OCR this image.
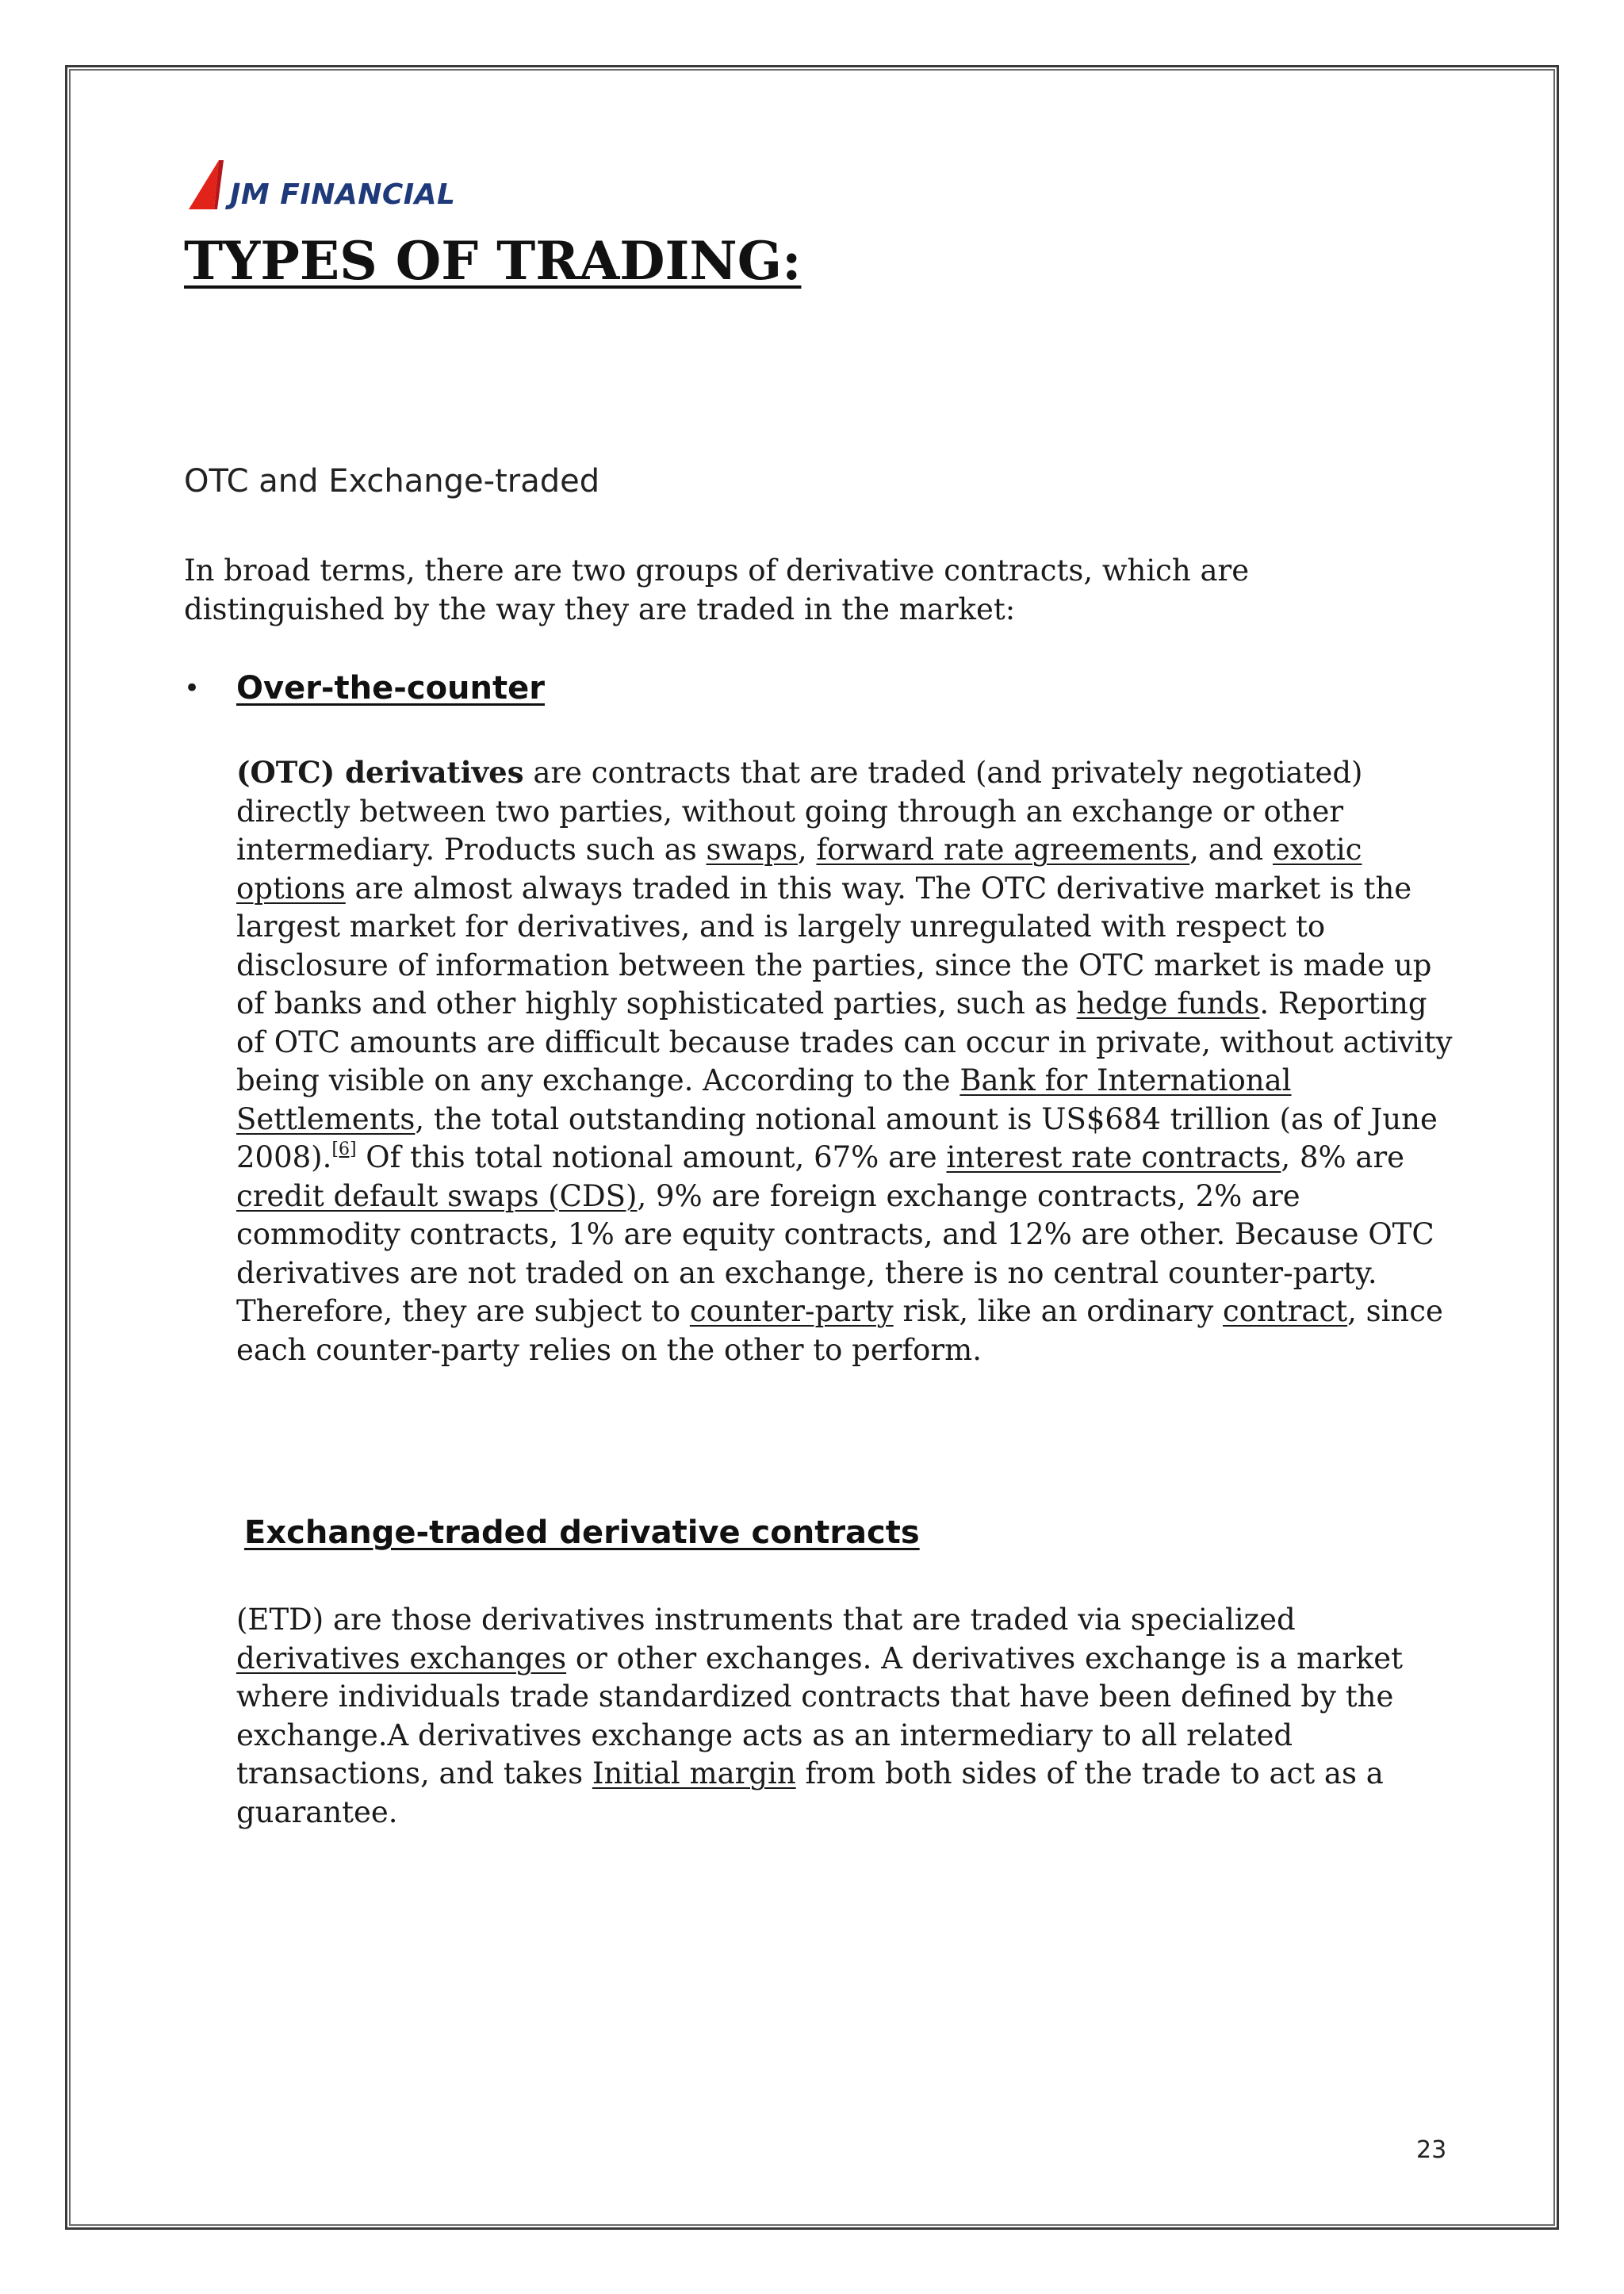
JM FINANCIAL
TYPES OF TRADING:
OTC and Exchange-traded

In broad terms, there are two groups of derivative contracts, which are distinguished by the way they are traded in the market:

•	Over-the-counter

(OTC) derivatives are contracts that are traded (and privately negotiated) directly between two parties, without going through an exchange or other intermediary. Products such as swaps, forward rate agreements, and exotic options are almost always traded in this way. The OTC derivative market is the largest market for derivatives, and is largely unregulated with respect to disclosure of information between the parties, since the OTC market is made up of banks and other highly sophisticated parties, such as hedge funds. Reporting of OTC amounts are difficult because trades can occur in private, without activity being visible on any exchange. According to the Bank for International Settlements, the total outstanding notional amount is US$684 trillion (as of June 2008).[6] Of this total notional amount, 67% are interest rate contracts, 8% are credit default swaps (CDS), 9% are foreign exchange contracts, 2% are commodity contracts, 1% are equity contracts, and 12% are other. Because OTC derivatives are not traded on an exchange, there is no central counter-party. Therefore, they are subject to counter-party risk, like an ordinary contract, since each counter-party relies on the other to perform.

Exchange-traded derivative contracts

(ETD) are those derivatives instruments that are traded via specialized derivatives exchanges or other exchanges. A derivatives exchange is a market where individuals trade standardized contracts that have been defined by the exchange.A derivatives exchange acts as an intermediary to all related transactions, and takes Initial margin from both sides of the trade to act as a guarantee.

23
